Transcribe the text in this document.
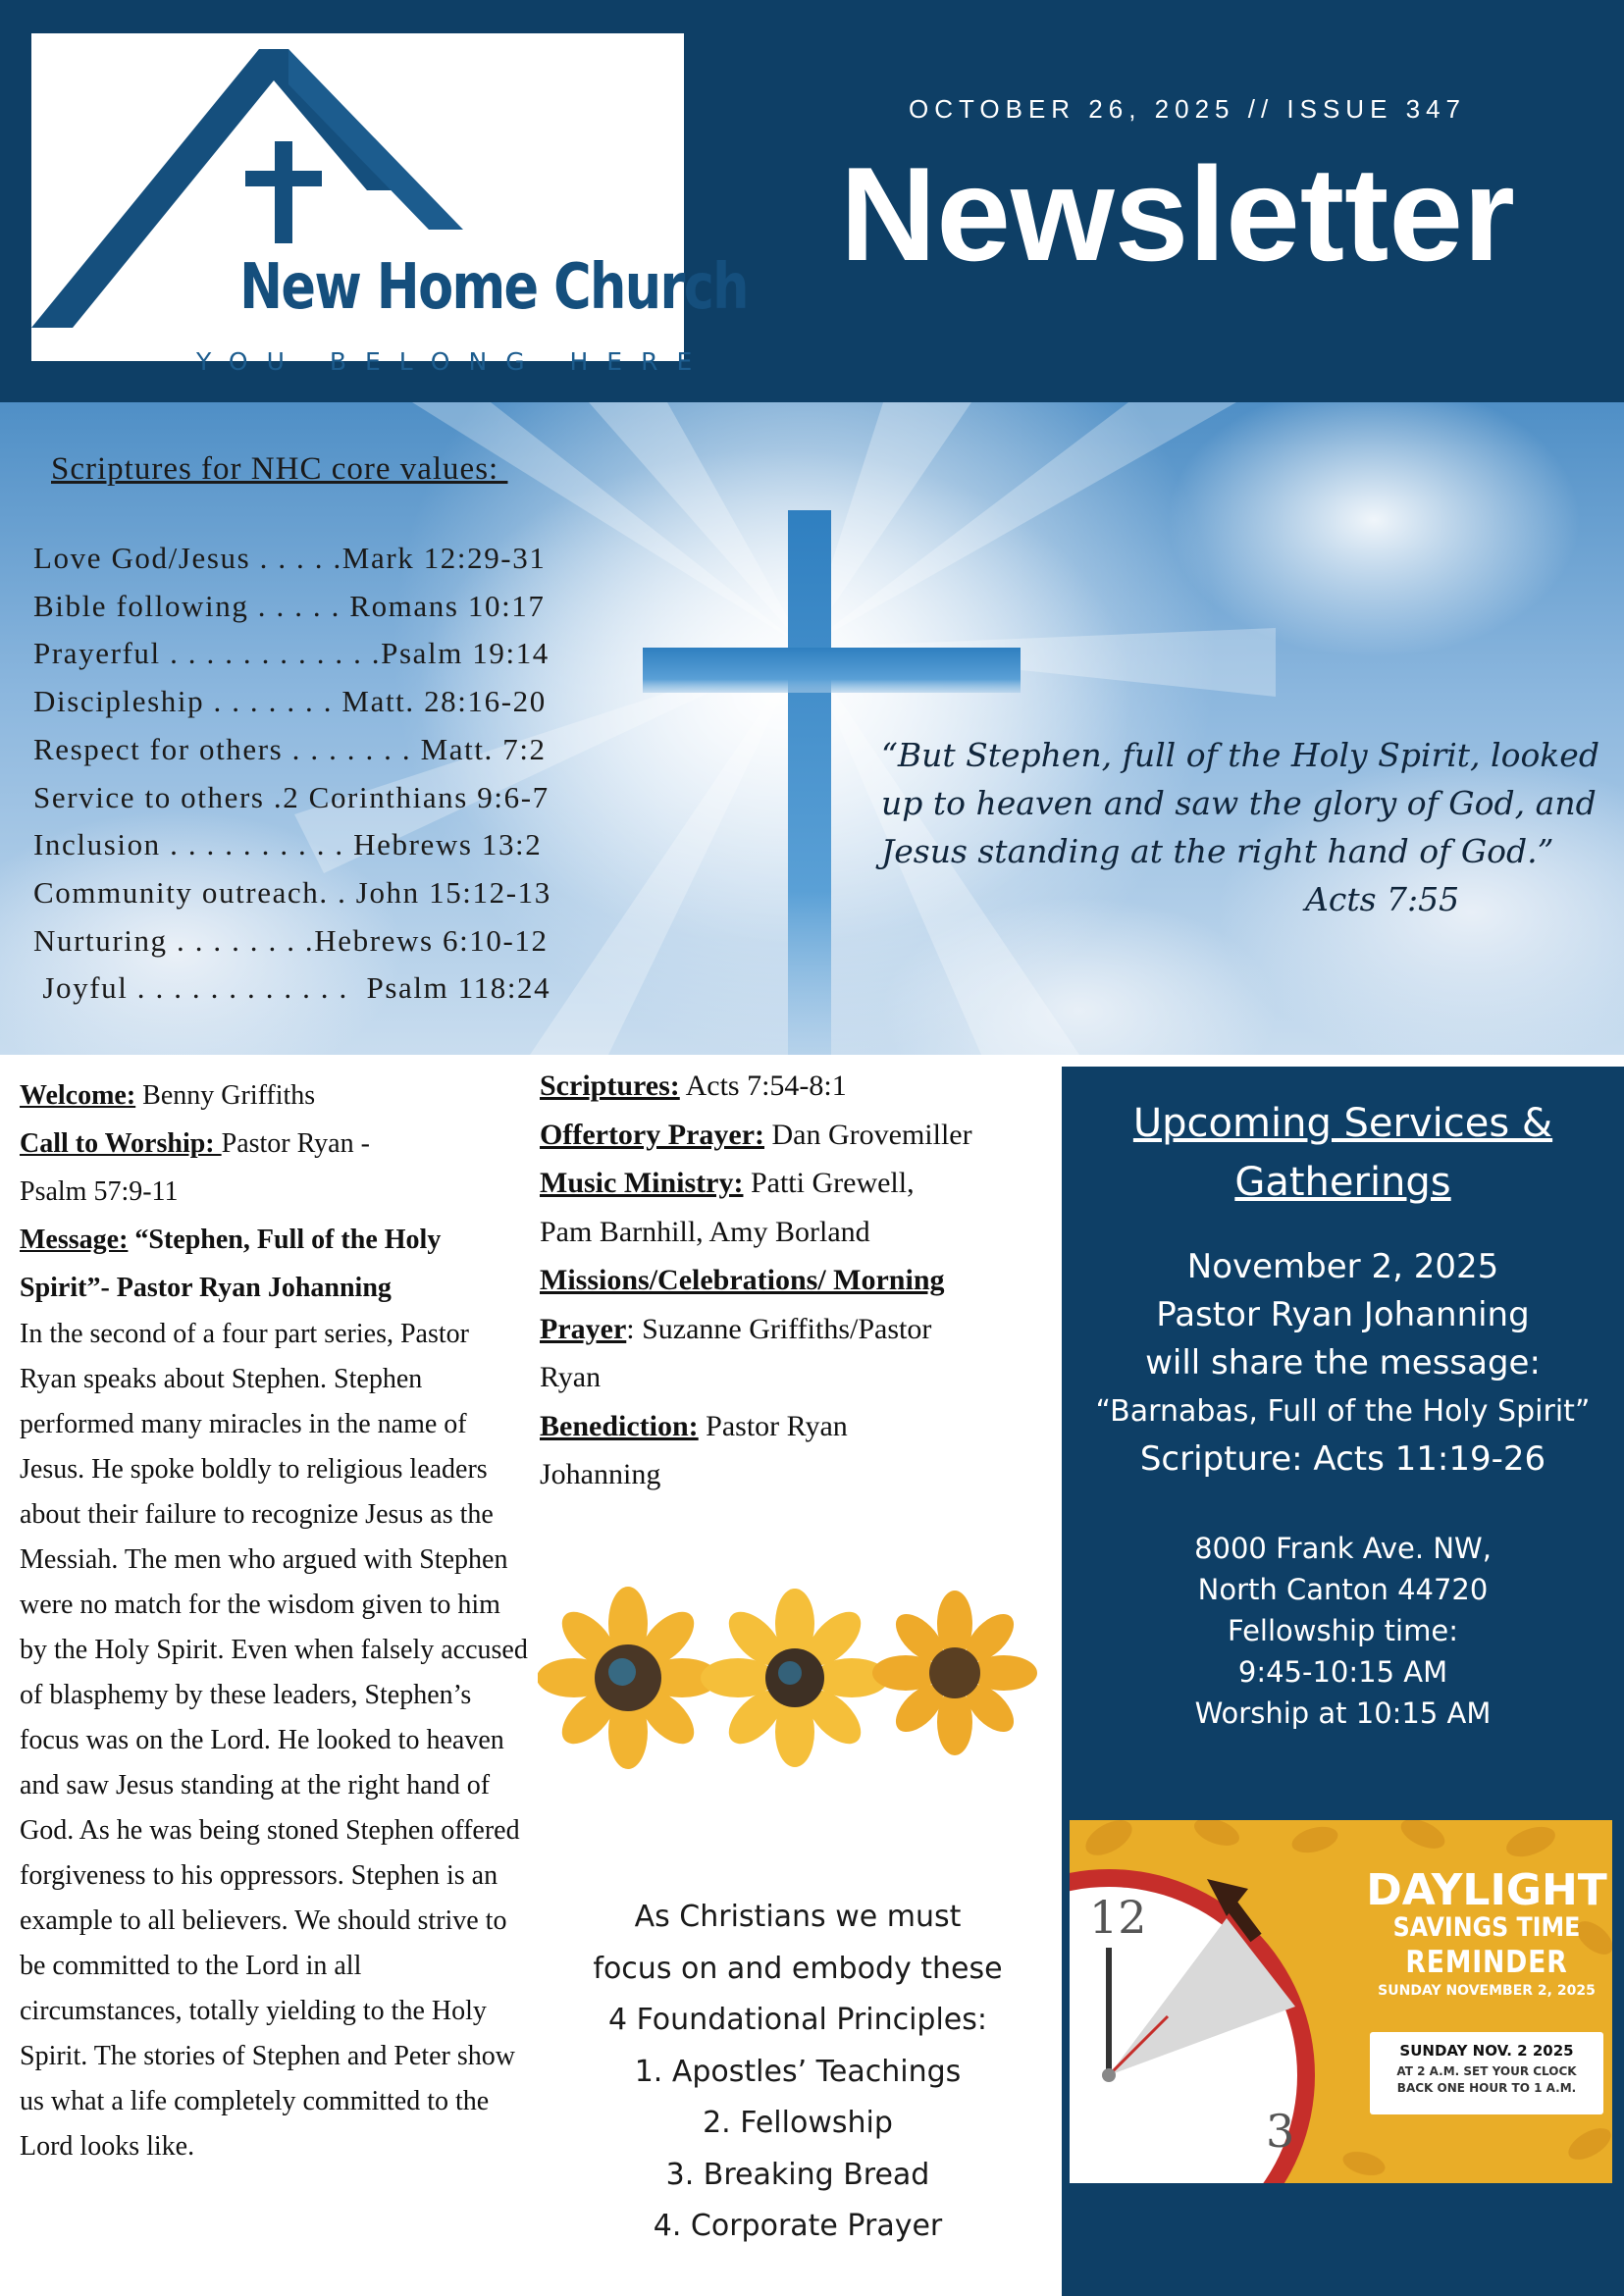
New Home Church
YOU BELONG HERE
OCTOBER 26, 2025 // ISSUE 347
Newsletter
Scriptures for NHC core values:
Love God/Jesus . . . . .Mark 12:29-31
Bible following . . . . . Romans 10:17
Prayerful . . . . . . . . . . . .Psalm 19:14
Discipleship . . . . . . . Matt. 28:16-20
Respect for others . . . . . . . Matt. 7:2
Service to others .2 Corinthians 9:6-7
Inclusion . . . . . . . . . . Hebrews 13:2
Community outreach. . John 15:12-13
Nurturing . . . . . . . .Hebrews 6:10-12
Joyful . . . . . . . . . . . .  Psalm 118:24
“But Stephen, full of the Holy Spirit, looked
up to heaven and saw the glory of God, and
Jesus standing at the right hand of God.”
Acts 7:55
Welcome: Benny Griffiths
Call to Worship: Pastor Ryan -
Psalm 57:9-11
Message: “Stephen, Full of the Holy
Spirit”- Pastor Ryan Johanning
In the second of a four part series, Pastor Ryan speaks about Stephen. Stephen performed many miracles in the name of Jesus. He spoke boldly to religious leaders about their failure to recognize Jesus as the Messiah. The men who argued with Stephen were no match for the wisdom given to him by the Holy Spirit. Even when falsely accused of blasphemy by these leaders, Stephen’s focus was on the Lord. He looked to heaven and saw Jesus standing at the right hand of God. As he was being stoned Stephen offered forgiveness to his oppressors. Stephen is an example to all believers. We should strive to be committed to the Lord in all circumstances, totally yielding to the Holy Spirit. The stories of Stephen and Peter show us what a life completely committed to the Lord looks like.
Scriptures: Acts 7:54-8:1
Offertory Prayer: Dan Grovemiller
Music Ministry: Patti Grewell,
Pam Barnhill, Amy Borland
Missions/Celebrations/ Morning
Prayer: Suzanne Griffiths/Pastor
Ryan
Benediction: Pastor Ryan
Johanning
As Christians we must
focus on and embody these
4 Foundational Principles:
1. Apostles’ Teachings
2. Fellowship
3. Breaking Bread
4. Corporate Prayer
Upcoming Services &
Gatherings
November 2, 2025
Pastor Ryan Johanning
will share the message:
“Barnabas, Full of the Holy Spirit”
Scripture: Acts 11:19-26
8000 Frank Ave. NW,
North Canton 44720
Fellowship time:
9:45-10:15 AM
Worship at 10:15 AM
12
3
DAYLIGHT
SAVINGS TIME
REMINDER
SUNDAY NOVEMBER 2, 2025
SUNDAY NOV. 2 2025
AT 2 A.M. SET YOUR CLOCK
BACK ONE HOUR TO 1 A.M.
